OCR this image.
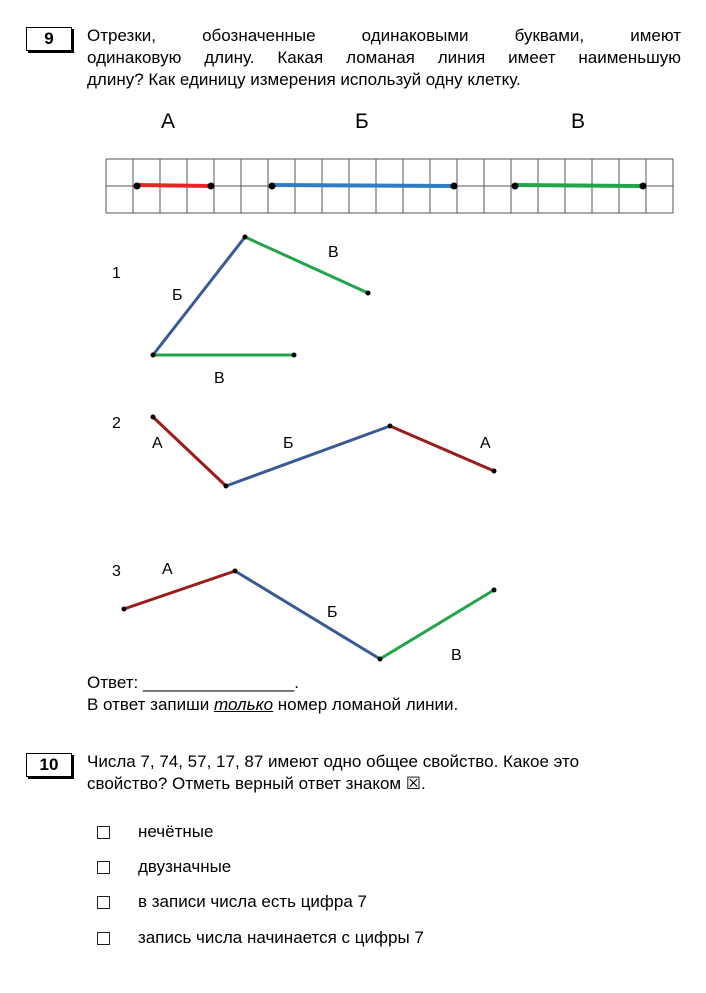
9	Отрезки, обозначенные одинаковыми буквами, имеют
одинаковую длину. Какая ломаная линия имеет наименьшую
длину? Как единицу измерения используй одну клетку.
А	Б	В
1
Б
В
В
2
А	Б	А
3	А
Б
В
Ответ: ________________.
В ответ запиши только номер ломаной линии.
10	Числа 7, 74, 57, 17, 87 имеют одно общее свойство. Какое это
свойство? Отметь верный ответ знаком ☒.
нечётные
двузначные
в записи числа есть цифра 7
запись числа начинается с цифры 7
